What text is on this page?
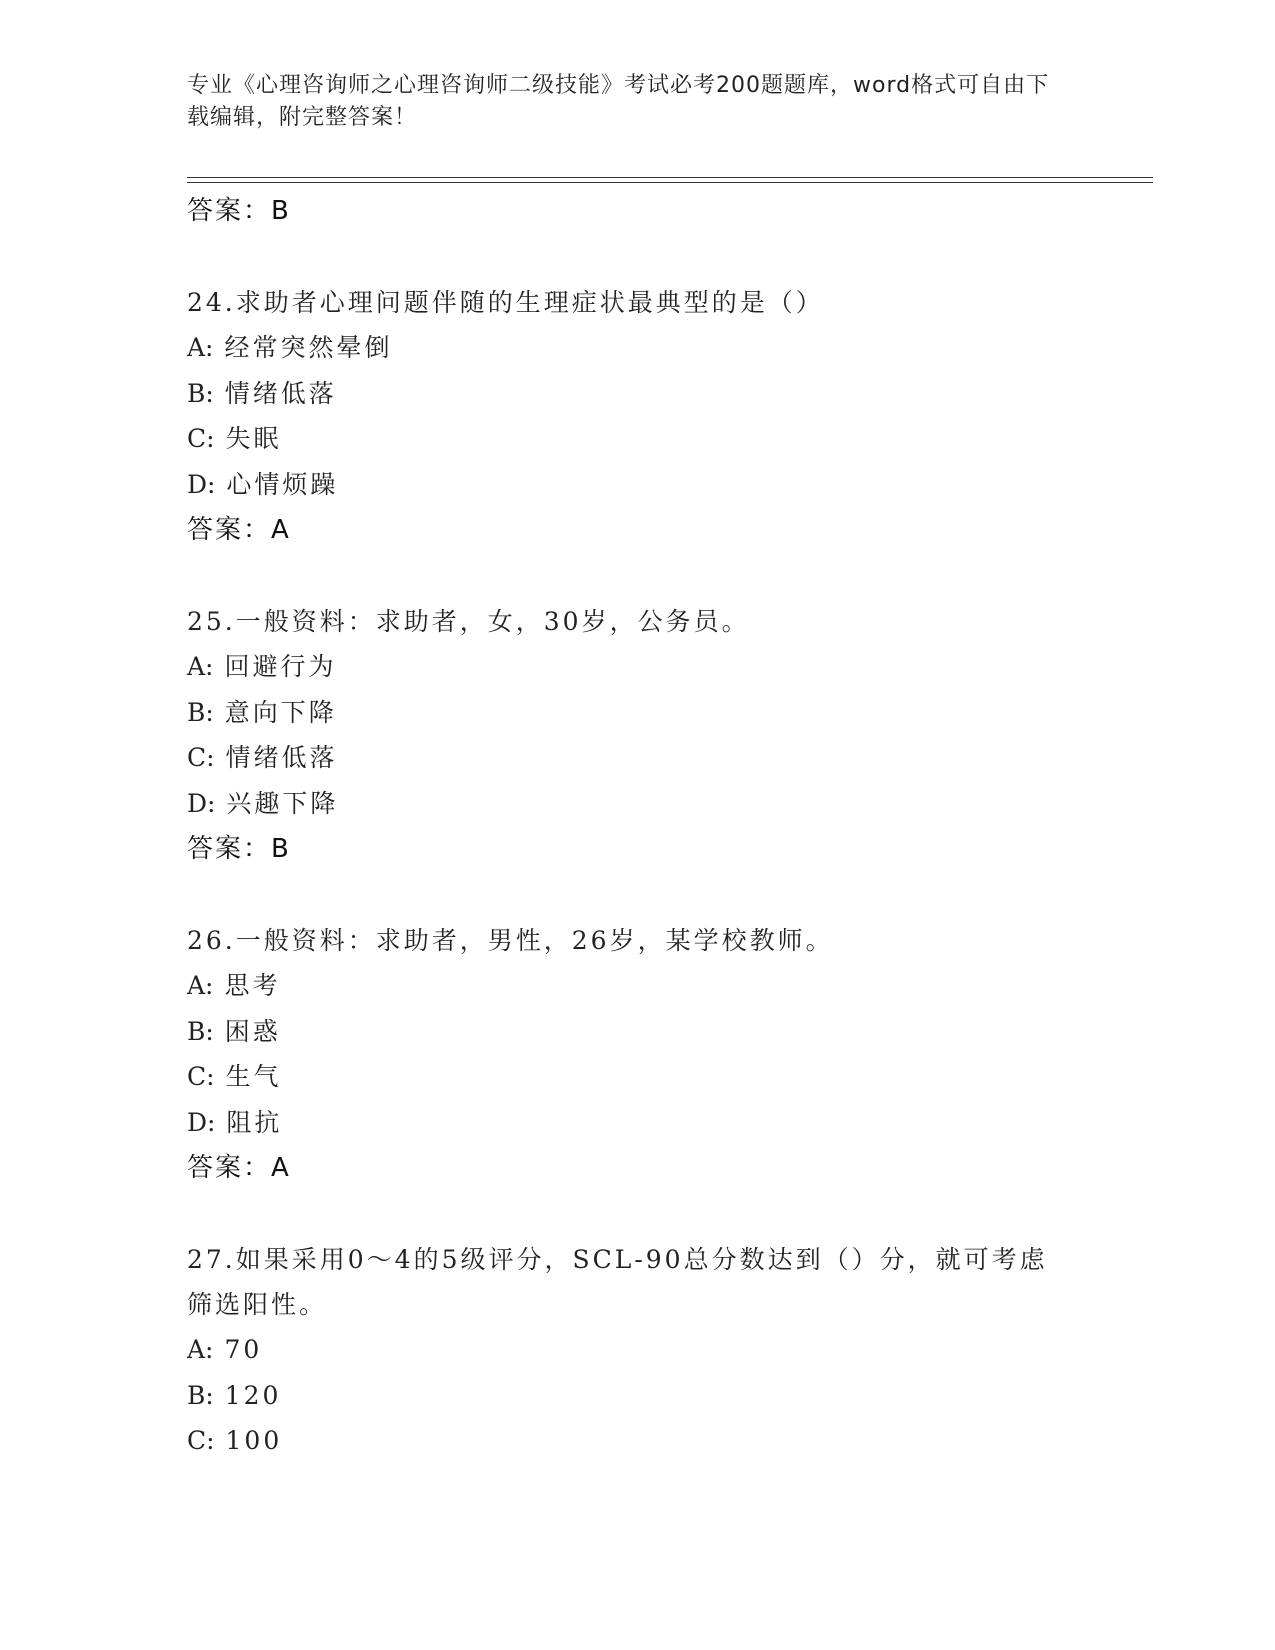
专业《心理咨询师之心理咨询师二级技能》考试必考200题题库，word格式可自由下载编辑，附完整答案！
答案：B
24.求助者心理问题伴随的生理症状最典型的是（）
A: 经常突然晕倒
B: 情绪低落
C: 失眠
D: 心情烦躁
答案：A
25.一般资料：求助者，女，30岁，公务员。
A: 回避行为
B: 意向下降
C: 情绪低落
D: 兴趣下降
答案：B
26.一般资料：求助者，男性，26岁，某学校教师。
A: 思考
B: 困惑
C: 生气
D: 阻抗
答案：A
27.如果采用0～4的5级评分，SCL-90总分数达到（）分，就可考虑筛选阳性。
A: 70
B: 120
C: 100
